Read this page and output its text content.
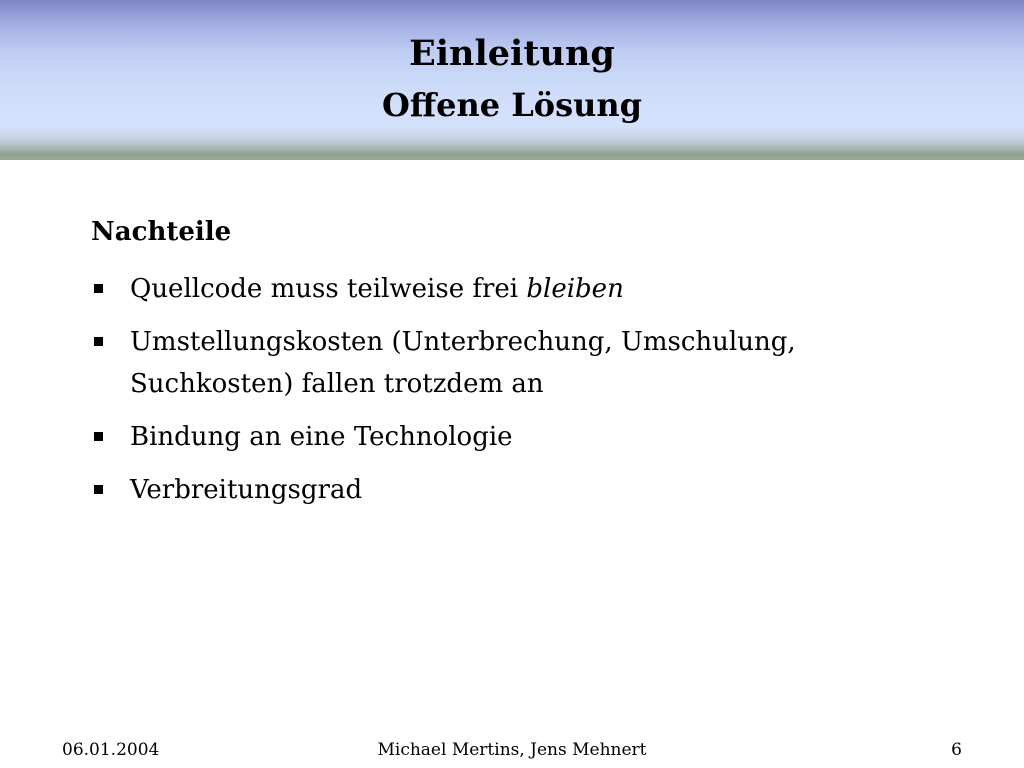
Einleitung
Offene Lösung
Nachteile
Quellcode muss teilweise frei bleiben
Umstellungskosten (Unterbrechung, Umschulung, Suchkosten) fallen trotzdem an
Bindung an eine Technologie
Verbreitungsgrad
06.01.2004	Michael Mertins, Jens Mehnert	6
